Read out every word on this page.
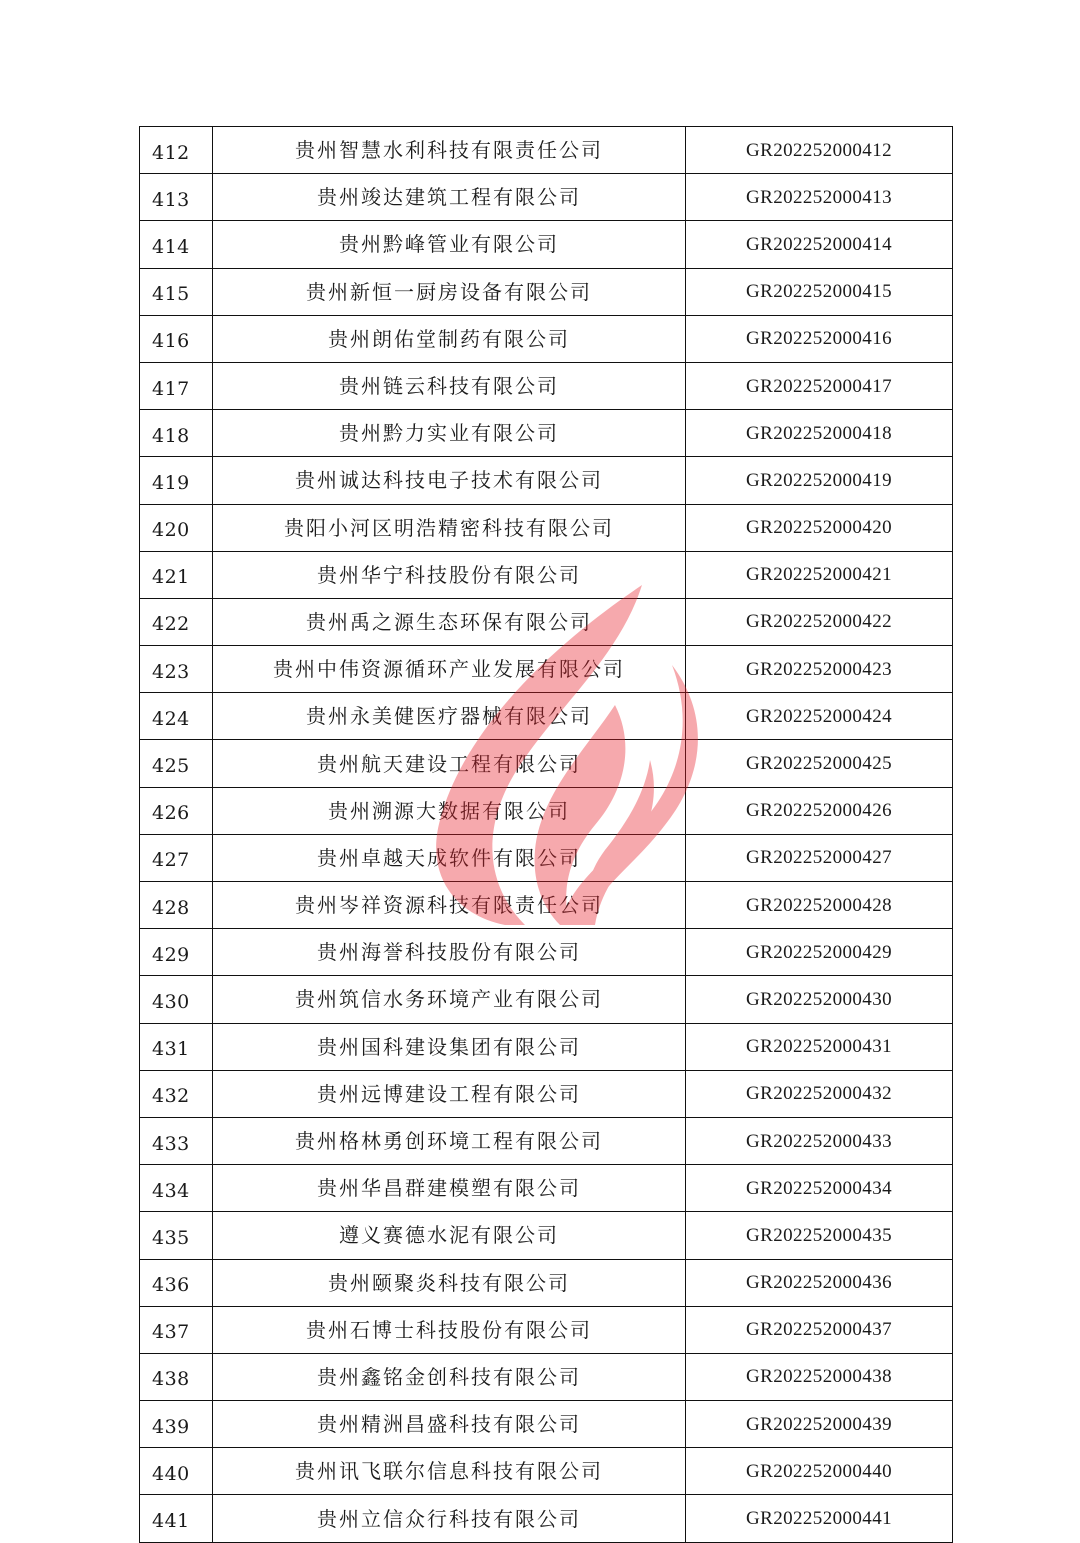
412	贵州智慧水利科技有限责任公司	GR202252000412
413	贵州竣达建筑工程有限公司	GR202252000413
414	贵州黔峰管业有限公司	GR202252000414
415	贵州新恒一厨房设备有限公司	GR202252000415
416	贵州朗佑堂制药有限公司	GR202252000416
417	贵州链云科技有限公司	GR202252000417
418	贵州黔力实业有限公司	GR202252000418
419	贵州诚达科技电子技术有限公司	GR202252000419
420	贵阳小河区明浩精密科技有限公司	GR202252000420
421	贵州华宁科技股份有限公司	GR202252000421
422	贵州禹之源生态环保有限公司	GR202252000422
423	贵州中伟资源循环产业发展有限公司	GR202252000423
424	贵州永美健医疗器械有限公司	GR202252000424
425	贵州航天建设工程有限公司	GR202252000425
426	贵州溯源大数据有限公司	GR202252000426
427	贵州卓越天成软件有限公司	GR202252000427
428	贵州岑祥资源科技有限责任公司	GR202252000428
429	贵州海誉科技股份有限公司	GR202252000429
430	贵州筑信水务环境产业有限公司	GR202252000430
431	贵州国科建设集团有限公司	GR202252000431
432	贵州远博建设工程有限公司	GR202252000432
433	贵州格林勇创环境工程有限公司	GR202252000433
434	贵州华昌群建模塑有限公司	GR202252000434
435	遵义赛德水泥有限公司	GR202252000435
436	贵州颐聚炎科技有限公司	GR202252000436
437	贵州石博士科技股份有限公司	GR202252000437
438	贵州鑫铭金创科技有限公司	GR202252000438
439	贵州精洲昌盛科技有限公司	GR202252000439
440	贵州讯飞联尔信息科技有限公司	GR202252000440
441	贵州立信众行科技有限公司	GR202252000441
